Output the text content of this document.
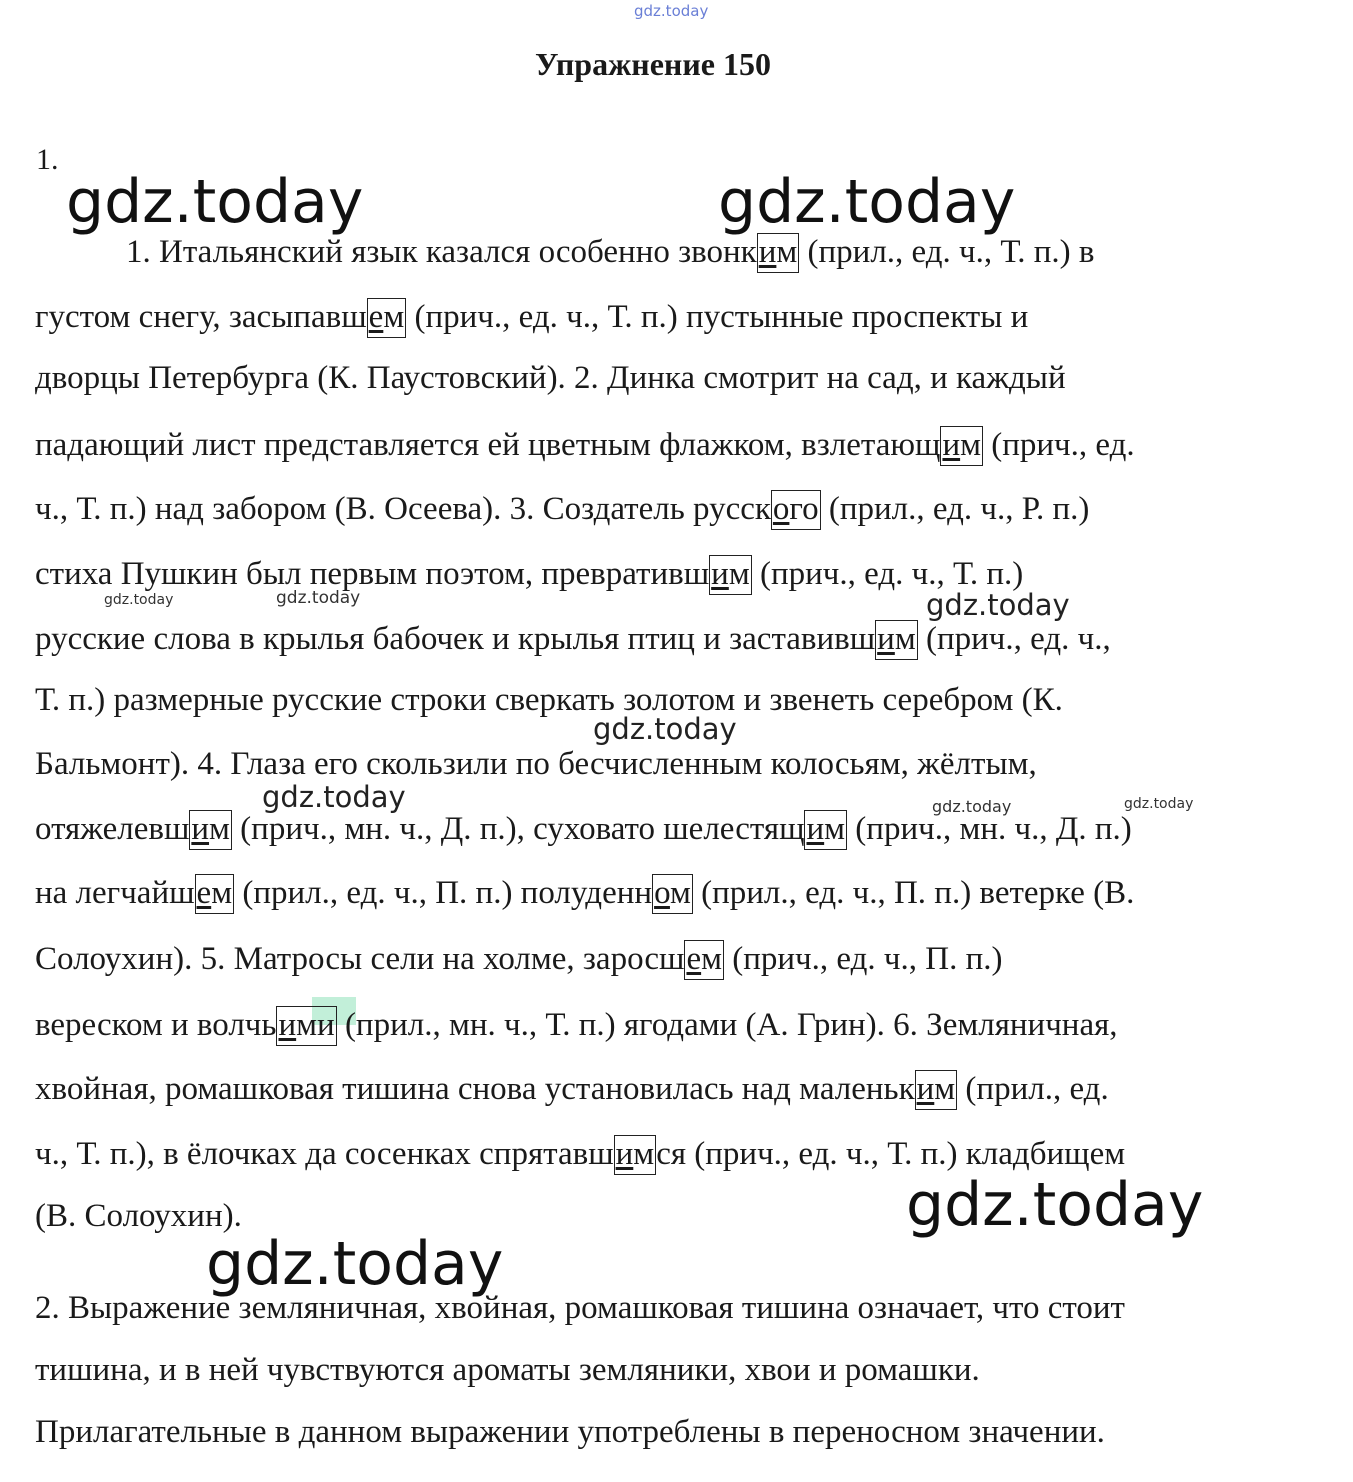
gdz.today
gdz.today	gdz.today
gdz.today
gdz.today
gdz.today
gdz.today
gdz.today
gdz.today	gdz.today
gdz.today	gdz.today
Упражнение 150
1.
1. Итальянский язык казался особенно звонким (прил., ед. ч., Т. п.) в
густом снегу, засыпавшем (прич., ед. ч., Т. п.) пустынные проспекты и
дворцы Петербурга (К. Паустовский). 2. Динка смотрит на сад, и каждый
падающий лист представляется ей цветным флажком, взлетающим (прич., ед.
ч., Т. п.) над забором (В. Осеева). 3. Создатель русского (прил., ед. ч., Р. п.)
стиха Пушкин был первым поэтом, превратившим (прич., ед. ч., Т. п.)
русские слова в крылья бабочек и крылья птиц и заставившим (прич., ед. ч.,
Т. п.) размерные русские строки сверкать золотом и звенеть серебром (К.
Бальмонт). 4. Глаза его скользили по бесчисленным колосьям, жёлтым,
отяжелевшим (прич., мн. ч., Д. п.), суховато шелестящим (прич., мн. ч., Д. п.)
на легчайшем (прил., ед. ч., П. п.) полуденном (прил., ед. ч., П. п.) ветерке (В.
Солоухин). 5. Матросы сели на холме, заросшем (прич., ед. ч., П. п.)
вереском и волчьими (прил., мн. ч., Т. п.) ягодами (А. Грин). 6. Земляничная,
хвойная, ромашковая тишина снова установилась над маленьким (прил., ед.
ч., Т. п.), в ёлочках да сосенках спрятавшимся (прич., ед. ч., Т. п.) кладбищем
(В. Солоухин).
2. Выражение земляничная, хвойная, ромашковая тишина означает, что стоит
тишина, и в ней чувствуются ароматы земляники, хвои и ромашки.
Прилагательные в данном выражении употреблены в переносном значении.
